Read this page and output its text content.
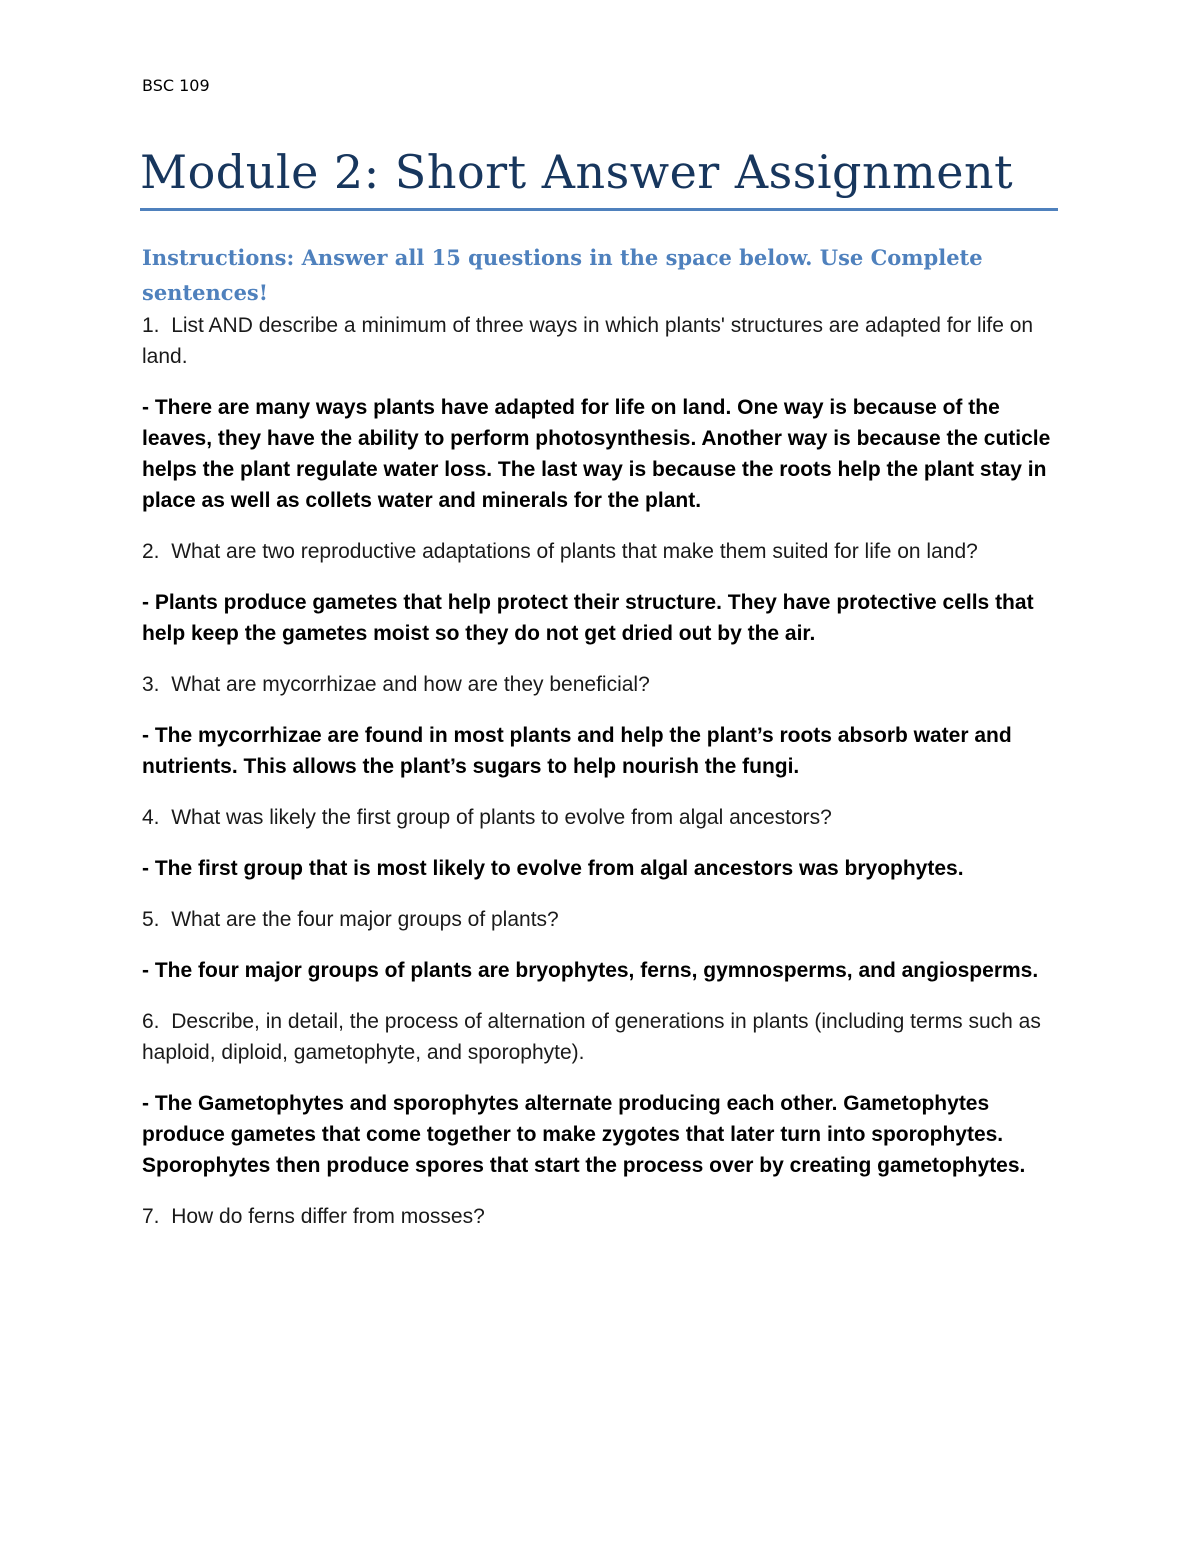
BSC 109
Module 2: Short Answer Assignment

Instructions: Answer all 15 questions in the space below. Use Complete sentences!

1. List AND describe a minimum of three ways in which plants' structures are adapted for life on land.

- There are many ways plants have adapted for life on land. One way is because of the leaves, they have the ability to perform photosynthesis. Another way is because the cuticle helps the plant regulate water loss. The last way is because the roots help the plant stay in place as well as collets water and minerals for the plant.

2. What are two reproductive adaptations of plants that make them suited for life on land?

- Plants produce gametes that help protect their structure. They have protective cells that help keep the gametes moist so they do not get dried out by the air.

3. What are mycorrhizae and how are they beneficial?

- The mycorrhizae are found in most plants and help the plant’s roots absorb water and nutrients. This allows the plant’s sugars to help nourish the fungi.

4. What was likely the first group of plants to evolve from algal ancestors?

- The first group that is most likely to evolve from algal ancestors was bryophytes.

5. What are the four major groups of plants?

- The four major groups of plants are bryophytes, ferns, gymnosperms, and angiosperms.

6. Describe, in detail, the process of alternation of generations in plants (including terms such as haploid, diploid, gametophyte, and sporophyte).

- The Gametophytes and sporophytes alternate producing each other. Gametophytes produce gametes that come together to make zygotes that later turn into sporophytes. Sporophytes then produce spores that start the process over by creating gametophytes.

7. How do ferns differ from mosses?
